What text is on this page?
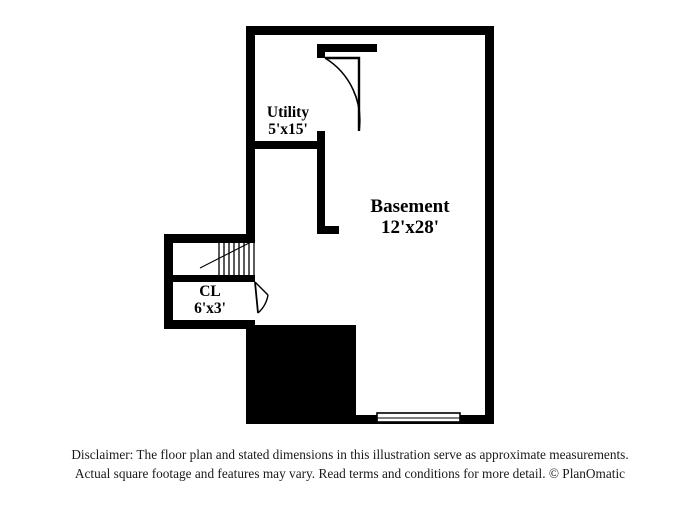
Basement
12'x28'
Utility
5'x15'
CL
6'x3'
Disclaimer: The floor plan and stated dimensions in this illustration serve as approximate measurements.
Actual square footage and features may vary. Read terms and conditions for more detail. © PlanOmatic
